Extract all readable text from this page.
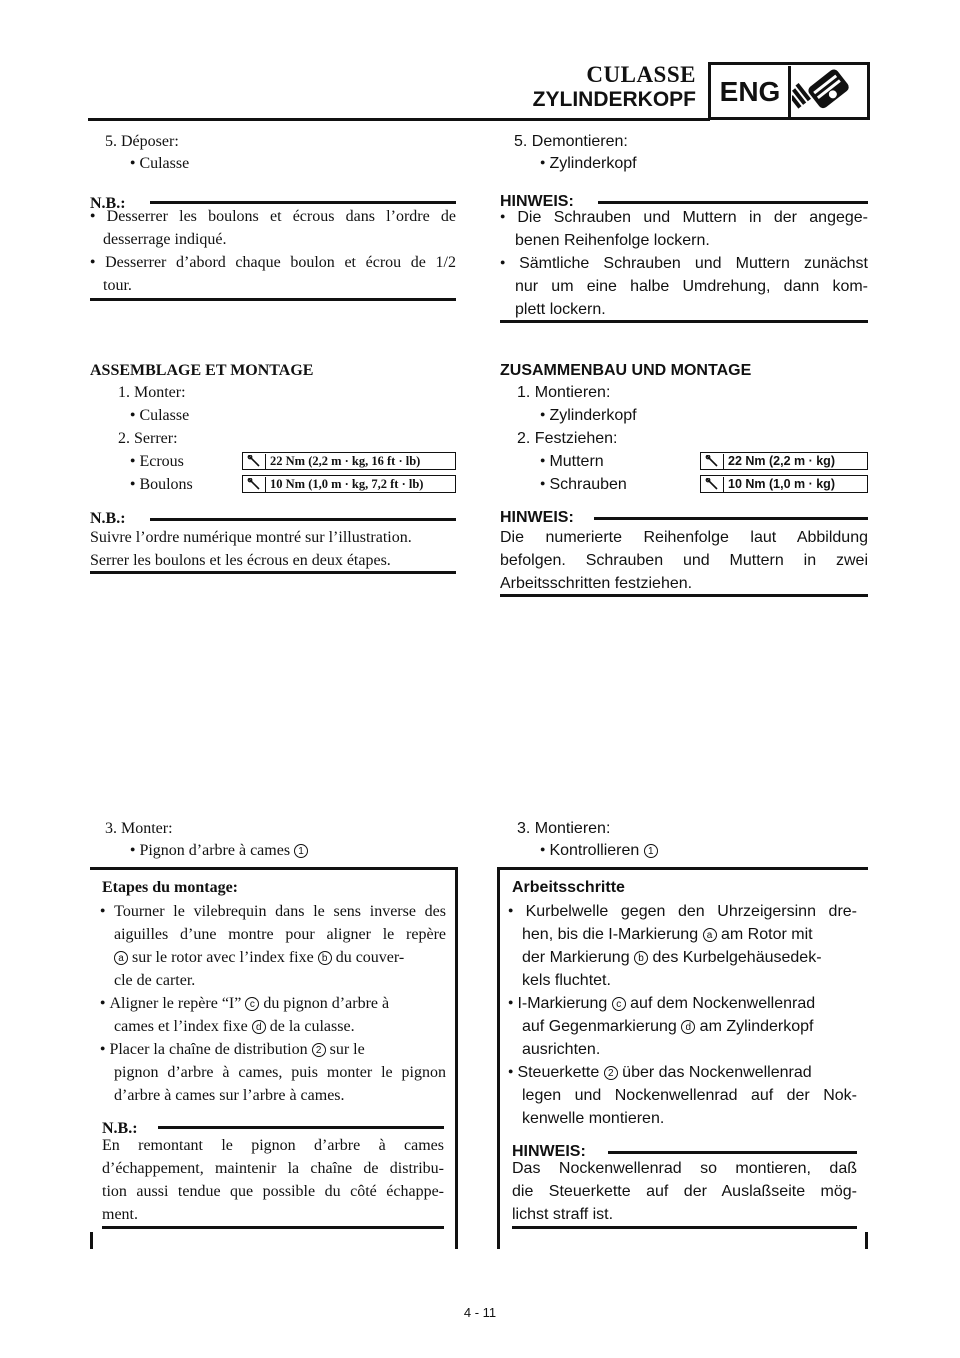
CULASSE
ZYLINDERKOPF ENG
5. Déposer:
● Culasse
N.B.:
● Desserrer les boulons et écrous dans l’ordre de
desserrage indiqué.
● Desserrer d’abord chaque boulon et écrou de 1/2
tour.
ASSEMBLAGE ET MONTAGE
1. Monter:
● Culasse
2. Serrer:
● Ecrous
● Boulons
22 Nm (2,2 m · kg, 16 ft · lb)
10 Nm (1,0 m · kg, 7,2 ft · lb)
N.B.:
Suivre l’ordre numérique montré sur l’illustration.
Serrer les boulons et les écrous en deux étapes.
3. Monter:
● Pignon d’arbre à cames 1
Etapes du montage:
● Tourner le vilebrequin dans le sens inverse des
aiguilles d’une montre pour aligner le repère
a sur le rotor avec l’index fixe b du couver-
cle de carter.
● Aligner le repère “I” c du pignon d’arbre à
cames et l’index fixe d de la culasse.
● Placer la chaîne de distribution 2 sur le
pignon d’arbre à cames, puis monter le pignon
d’arbre à cames sur l’arbre à cames.
N.B.:
En remontant le pignon d’arbre à cames
d’échappement, maintenir la chaîne de distribu-
tion aussi tendue que possible du côté échappe-
ment.
5. Demontieren:
● Zylinderkopf
HINWEIS:
● Die Schrauben und Muttern in der angege-
benen Reihenfolge lockern.
● Sämtliche Schrauben und Muttern zunächst
nur um eine halbe Umdrehung, dann kom-
plett lockern.
ZUSAMMENBAU UND MONTAGE
1. Montieren:
● Zylinderkopf
2. Festziehen:
● Muttern
● Schrauben
22 Nm (2,2 m · kg)
10 Nm (1,0 m · kg)
HINWEIS:
Die numerierte Reihenfolge laut Abbildung
befolgen. Schrauben und Muttern in zwei
Arbeitsschritten festziehen.
3. Montieren:
● Kontrollieren 1
Arbeitsschritte
● Kurbelwelle gegen den Uhrzeigersinn dre-
hen, bis die I-Markierung a am Rotor mit
der Markierung b des Kurbelgehäusedek-
kels fluchtet.
● I-Markierung c auf dem Nockenwellenrad
auf Gegenmarkierung d am Zylinderkopf
ausrichten.
● Steuerkette 2 über das Nockenwellenrad
legen und Nockenwellenrad auf der Nok-
kenwelle montieren.
HINWEIS:
Das Nockenwellenrad so montieren, daß
die Steuerkette auf der Auslaßseite mög-
lichst straff ist.
4 - 11
